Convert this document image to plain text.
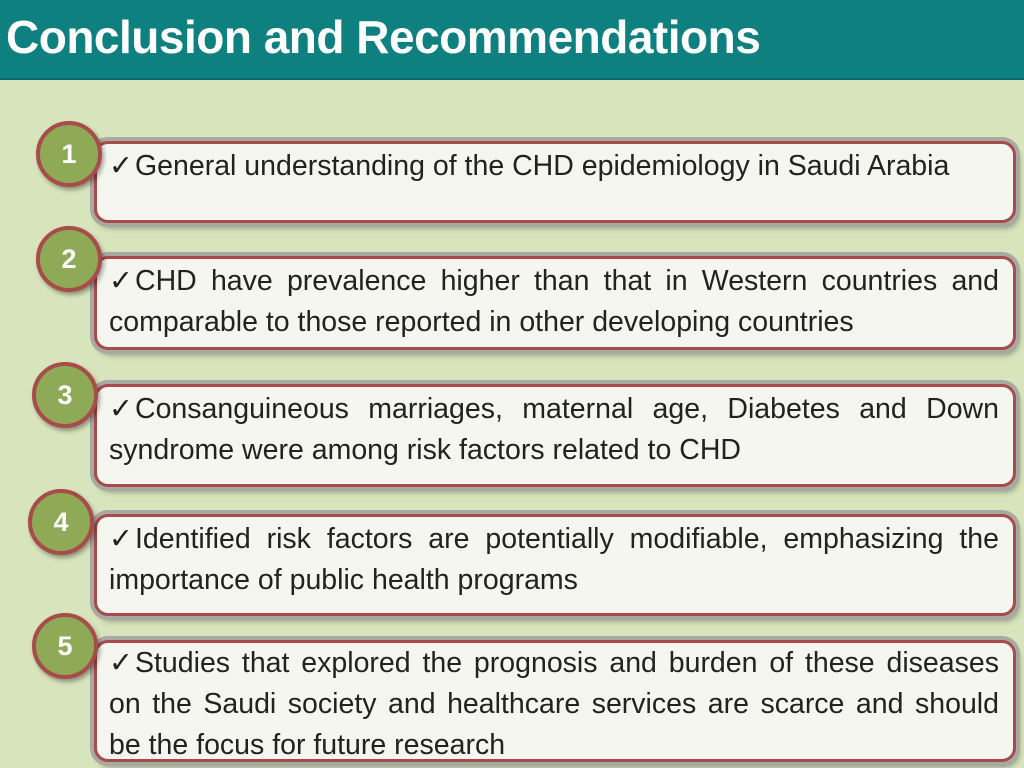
Conclusion and Recommendations
1	✓General understanding of the CHD epidemiology in Saudi Arabia
2
✓CHD have prevalence higher than that in Western countries and comparable to those reported in other developing countries
3	✓Consanguineous marriages, maternal age, Diabetes and Down syndrome were among risk factors related to CHD
4
✓Identified risk factors are potentially modifiable, emphasizing the importance of public health programs
5
✓Studies that explored the prognosis and burden of these diseases on the Saudi society and healthcare services are scarce and should be the focus for future research
